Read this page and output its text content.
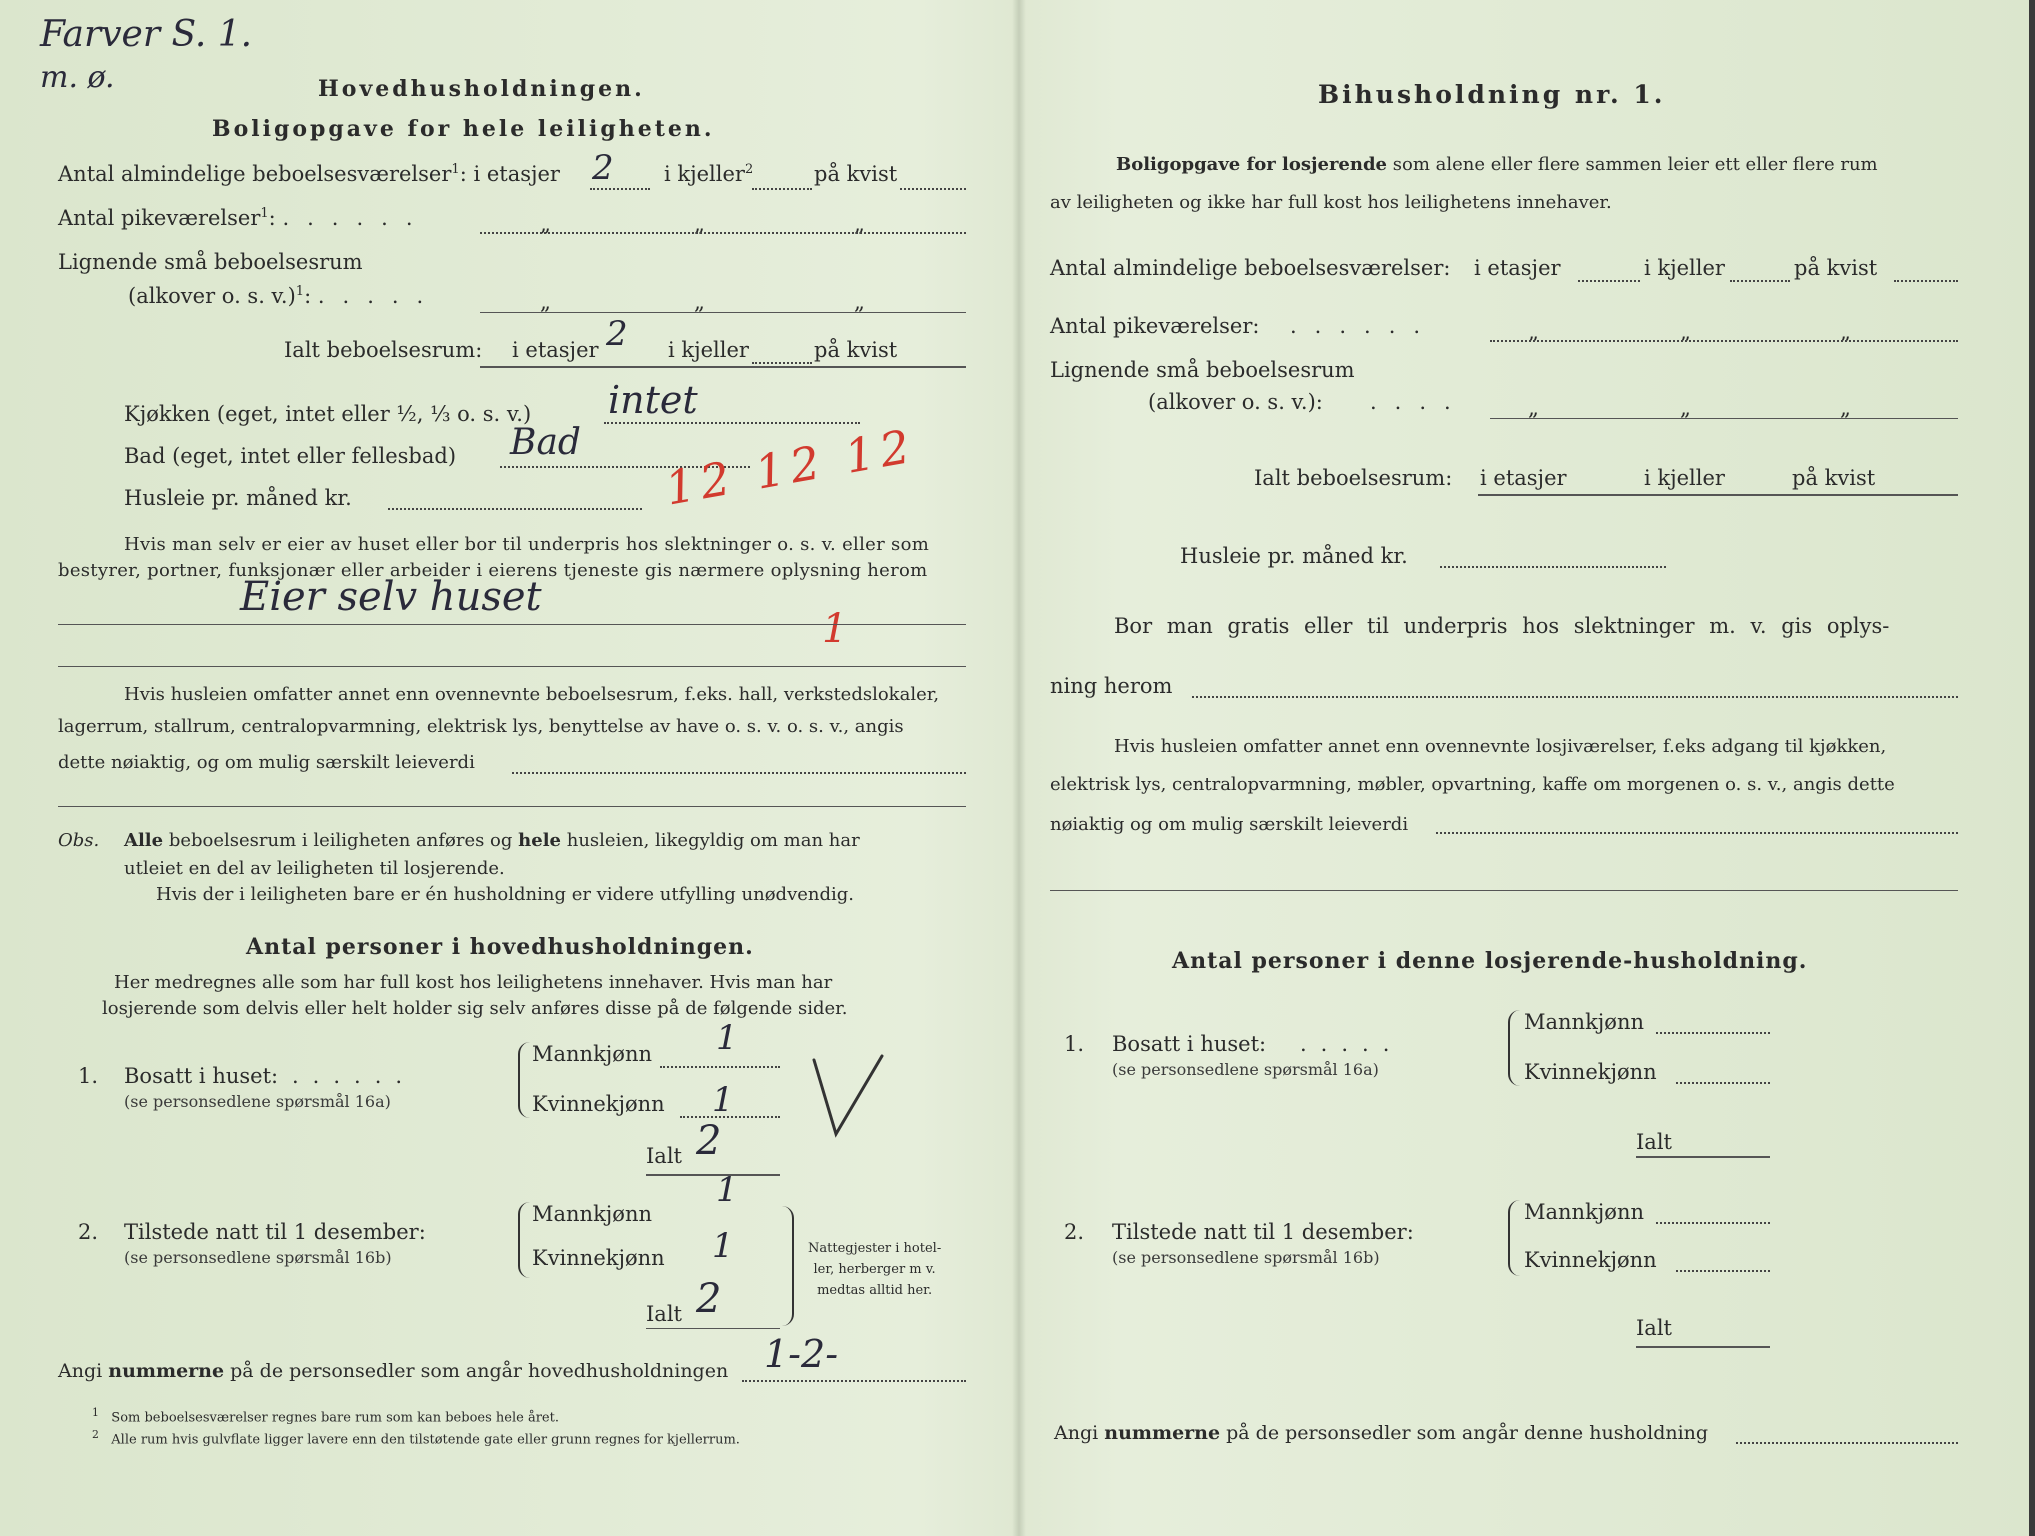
Farver S. 1.
m. ø.	Hovedhusholdningen.
Boligopgave for hele leiligheten.
Antal almindelige beboelsesværelser$^1$: i etasjer 2 i kjeller$^2$	på kvist
Antal pikeværelser$^1$: ......	„	„	„
Lignende små beboelsesrum
(alkover o. s. v.)$^1$: .....	„	„	„
Ialt beboelsesrum: i etasjer 2 i kjeller	på kvist
Kjøkken (eget, intet eller ½, ⅓ o. s. v.) intet
Bad (eget, intet eller fellesbad) Bad
Husleie pr. måned kr.	12 12 12
Hvis man selv er eier av huset eller bor til underpris hos slektninger o. s. v. eller som
bestyrer, portner, funksjonær eller arbeider i eierens tjeneste gis nærmere oplysning herom
Eier selv huset
1
Hvis husleien omfatter annet enn ovennevnte beboelsesrum, f.eks. hall, verkstedslokaler,
lagerrum, stallrum, centralopvarmning, elektrisk lys, benyttelse av have o. s. v. o. s. v., angis
dette nøiaktig, og om mulig særskilt leieverdi
Obs. Alle beboelsesrum i leiligheten anføres og hele husleien, likegyldig om man har
utleiet en del av leiligheten til losjerende.
Hvis der i leiligheten bare er én husholdning er videre utfylling unødvendig.
Antal personer i hovedhusholdningen.
Her medregnes alle som har full kost hos leilighetens innehaver. Hvis man har
losjerende som delvis eller helt holder sig selv anføres disse på de følgende sider.
1. Bosatt i huset: ......
(se personsedlene spørsmål 16a)
Mannkjønn 1
Kvinnekjønn 1
Ialt 2
2. Tilstede natt til 1 desember:
(se personsedlene spørsmål 16b)
Mannkjønn
1
Kvinnekjønn 1
Ialt 2
Nattegjester i hotel-
ler, herberger m v.
medtas alltid her.
Angi nummerne på de personsedler som angår hovedhusholdningen 1-2-
$^1$ Som beboelsesværelser regnes bare rum som kan beboes hele året.
$^2$ Alle rum hvis gulvflate ligger lavere enn den tilstøtende gate eller grunn regnes for kjellerrum.
Bihusholdning nr. 1.
Boligopgave for losjerende som alene eller flere sammen leier ett eller flere rum
av leiligheten og ikke har full kost hos leilighetens innehaver.
Antal almindelige beboelsesværelser: i etasjer	i kjeller	på kvist
Antal pikeværelser: ......	„	„	„
Lignende små beboelsesrum
(alkover o. s. v.): ....	„	„	„
Ialt beboelsesrum: i etasjer	i kjeller	på kvist
Husleie pr. måned kr.
Bor man gratis eller til underpris hos slektninger m. v. gis oplys-
ning herom
Hvis husleien omfatter annet enn ovennevnte losjiværelser, f.eks adgang til kjøkken,
elektrisk lys, centralopvarmning, møbler, opvartning, kaffe om morgenen o. s. v., angis dette
nøiaktig og om mulig særskilt leieverdi
Antal personer i denne losjerende-husholdning.
1. Bosatt i huset: .....
(se personsedlene spørsmål 16a)
Mannkjønn
Kvinnekjønn
Ialt
2. Tilstede natt til 1 desember:
(se personsedlene spørsmål 16b)
Mannkjønn
Kvinnekjønn
Ialt
Angi nummerne på de personsedler som angår denne husholdning
